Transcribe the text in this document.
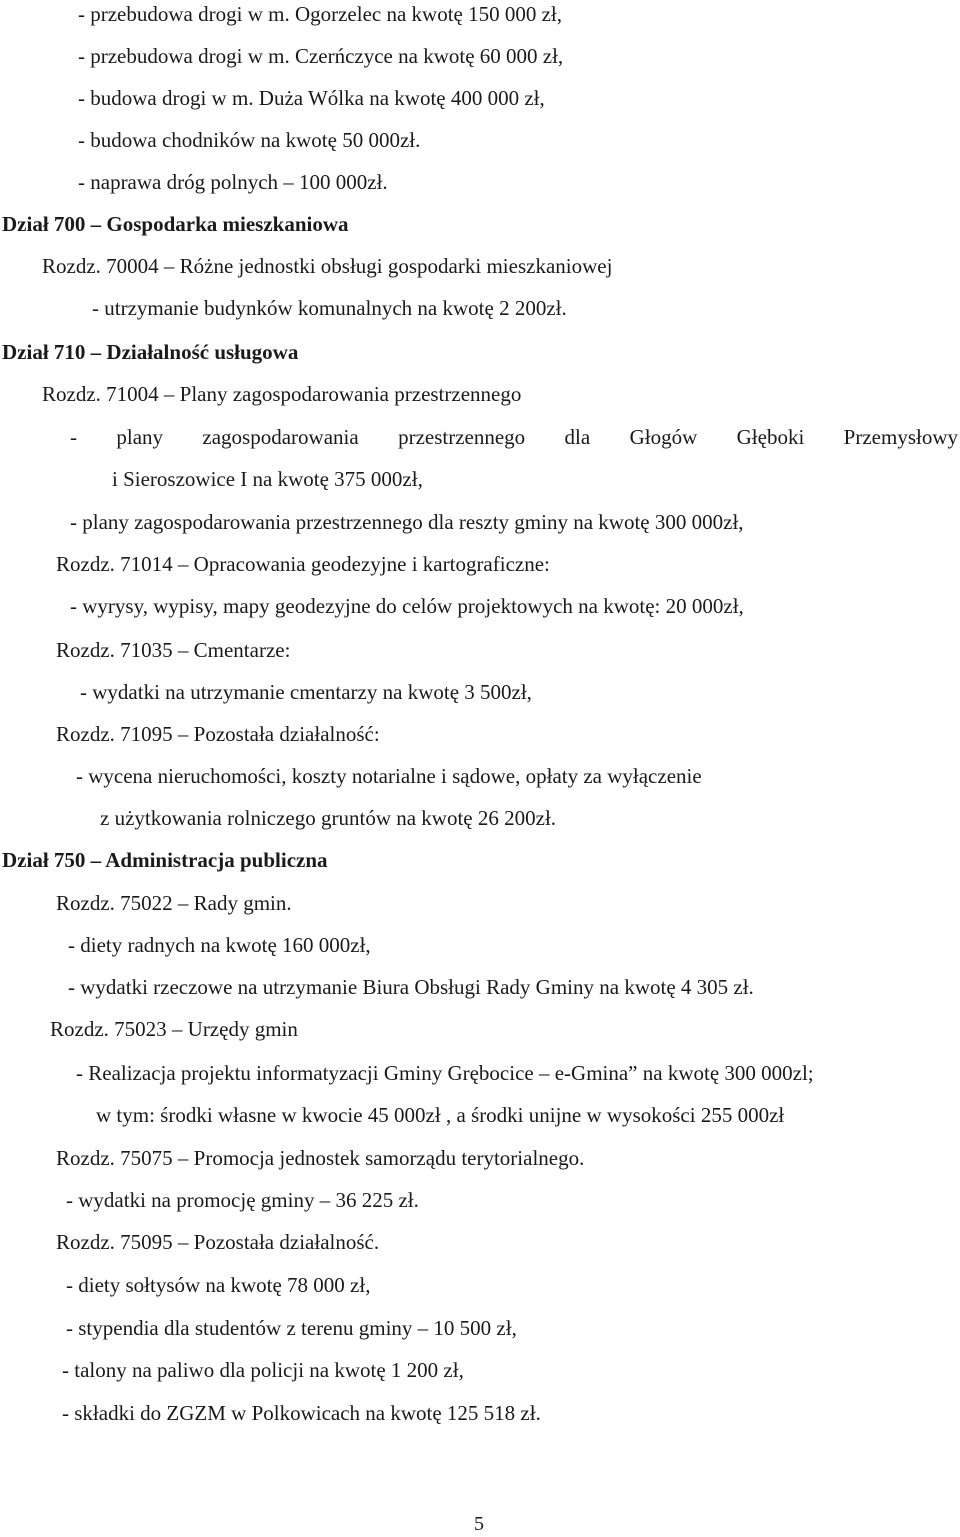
- przebudowa drogi w m. Ogorzelec na kwotę 150 000 zł,
- przebudowa drogi w m. Czerńczyce na kwotę 60 000 zł,
- budowa drogi w m. Duża Wólka na kwotę 400 000 zł,
- budowa chodników na kwotę 50 000zł.
- naprawa dróg polnych – 100 000zł.
Dział 700 – Gospodarka mieszkaniowa
Rozdz. 70004 – Różne jednostki obsługi gospodarki mieszkaniowej
- utrzymanie budynków komunalnych na kwotę 2 200zł.
Dział 710 – Działalność usługowa
Rozdz. 71004 – Plany zagospodarowania przestrzennego
- plany zagospodarowania przestrzennego dla Głogów Głęboki Przemysłowy
i Sieroszowice I na kwotę 375 000zł,
- plany zagospodarowania przestrzennego dla reszty gminy na kwotę 300 000zł,
Rozdz. 71014 – Opracowania geodezyjne i kartograficzne:
- wyrysy, wypisy, mapy geodezyjne do celów projektowych na kwotę: 20 000zł,
Rozdz. 71035 – Cmentarze:
- wydatki na utrzymanie cmentarzy na kwotę 3 500zł,
Rozdz. 71095 – Pozostała działalność:
- wycena nieruchomości, koszty notarialne i sądowe, opłaty za wyłączenie
z użytkowania rolniczego gruntów na kwotę 26 200zł.
Dział 750 – Administracja publiczna
Rozdz. 75022 – Rady gmin.
- diety radnych na kwotę 160 000zł,
- wydatki rzeczowe na utrzymanie Biura Obsługi Rady Gminy na kwotę 4 305 zł.
Rozdz. 75023 – Urzędy gmin
- Realizacja projektu informatyzacji Gminy Grębocice – e-Gmina” na kwotę 300 000zl;
w tym: środki własne w kwocie 45 000zł , a środki unijne w wysokości 255 000zł
Rozdz. 75075 – Promocja jednostek samorządu terytorialnego.
- wydatki na promocję gminy – 36 225 zł.
Rozdz. 75095 – Pozostała działalność.
- diety sołtysów na kwotę 78 000 zł,
- stypendia dla studentów z terenu gminy – 10 500 zł,
- talony na paliwo dla policji na kwotę 1 200 zł,
- składki do ZGZM w Polkowicach na kwotę 125 518 zł.
5
